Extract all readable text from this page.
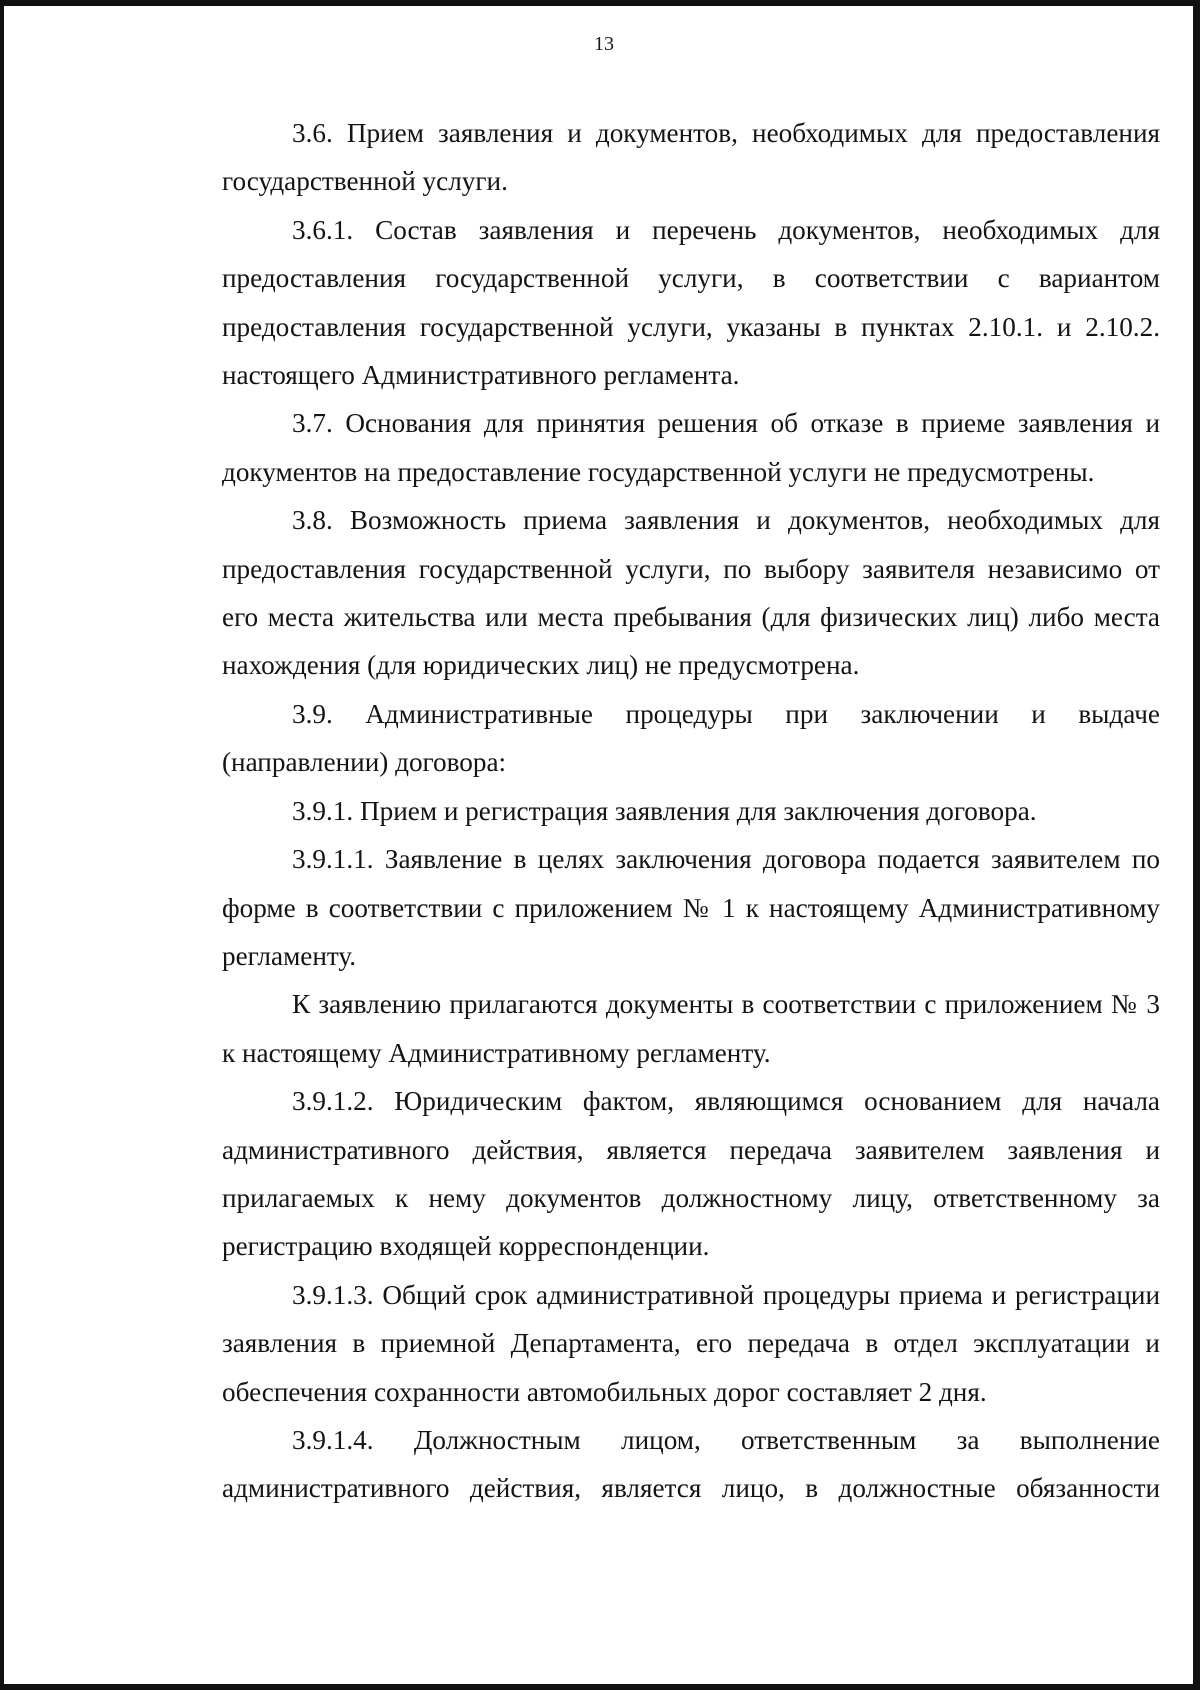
13

3.6. Прием заявления и документов, необходимых для предоставления государственной услуги.

3.6.1. Состав заявления и перечень документов, необходимых для предоставления государственной услуги, в соответствии с вариантом предоставления государственной услуги, указаны в пунктах 2.10.1. и 2.10.2. настоящего Административного регламента.

3.7. Основания для принятия решения об отказе в приеме заявления и документов на предоставление государственной услуги не предусмотрены.

3.8. Возможность приема заявления и документов, необходимых для предоставления государственной услуги, по выбору заявителя независимо от его места жительства или места пребывания (для физических лиц) либо места нахождения (для юридических лиц) не предусмотрена.

3.9. Административные процедуры при заключении и выдаче (направлении) договора:

3.9.1. Прием и регистрация заявления для заключения договора.

3.9.1.1. Заявление в целях заключения договора подается заявителем по форме в соответствии с приложением № 1 к настоящему Административному регламенту.

К заявлению прилагаются документы в соответствии с приложением № 3 к настоящему Административному регламенту.

3.9.1.2. Юридическим фактом, являющимся основанием для начала административного действия, является передача заявителем заявления и прилагаемых к нему документов должностному лицу, ответственному за регистрацию входящей корреспонденции.

3.9.1.3. Общий срок административной процедуры приема и регистрации заявления в приемной Департамента, его передача в отдел эксплуатации и обеспечения сохранности автомобильных дорог составляет 2 дня.

3.9.1.4. Должностным лицом, ответственным за выполнение административного действия, является лицо, в должностные обязанности
